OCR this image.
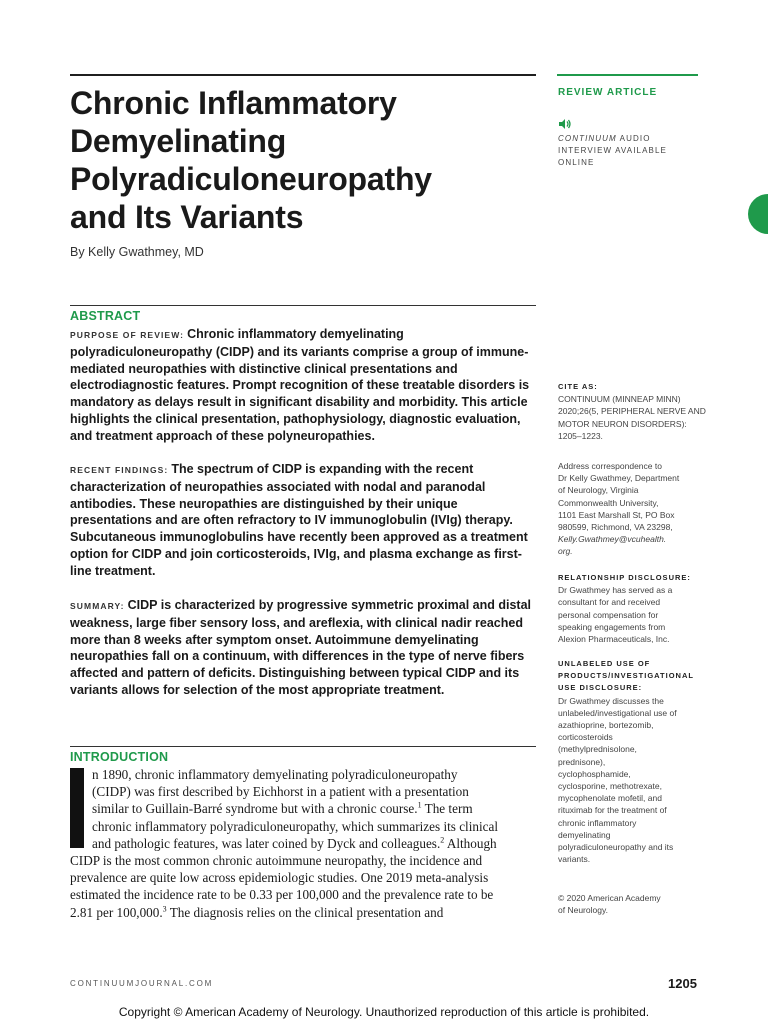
Chronic Inflammatory
Demyelinating
Polyradiculoneuropathy
and Its Variants
By Kelly Gwathmey, MD
REVIEW ARTICLE
CONTINUUM AUDIO
INTERVIEW AVAILABLE
ONLINE
ABSTRACT

PURPOSE OF REVIEW: Chronic inflammatory demyelinating polyradiculoneuropathy (CIDP) and its variants comprise a group of immune-mediated neuropathies with distinctive clinical presentations and electrodiagnostic features. Prompt recognition of these treatable disorders is mandatory as delays result in significant disability and morbidity. This article highlights the clinical presentation, pathophysiology, diagnostic evaluation, and treatment approach of these polyneuropathies.

RECENT FINDINGS: The spectrum of CIDP is expanding with the recent characterization of neuropathies associated with nodal and paranodal antibodies. These neuropathies are distinguished by their unique presentations and are often refractory to IV immunoglobulin (IVIg) therapy. Subcutaneous immunoglobulins have recently been approved as a treatment option for CIDP and join corticosteroids, IVIg, and plasma exchange as first-line treatment.

SUMMARY: CIDP is characterized by progressive symmetric proximal and distal weakness, large fiber sensory loss, and areflexia, with clinical nadir reached more than 8 weeks after symptom onset. Autoimmune demyelinating neuropathies fall on a continuum, with differences in the type of nerve fibers affected and pattern of deficits. Distinguishing between typical CIDP and its variants allows for selection of the most appropriate treatment.

INTRODUCTION

n 1890, chronic inflammatory demyelinating polyradiculoneuropathy
(CIDP) was first described by Eichhorst in a patient with a presentation
similar to Guillain-Barré syndrome but with a chronic course.$^1$ The term
chronic inflammatory polyradiculoneuropathy, which summarizes its clinical
and pathologic features, was later coined by Dyck and colleagues.$^2$ Although
CIDP is the most common chronic autoimmune neuropathy, the incidence and
prevalence are quite low across epidemiologic studies. One 2019 meta-analysis
estimated the incidence rate to be 0.33 per 100,000 and the prevalence rate to be
2.81 per 100,000.$^3$ The diagnosis relies on the clinical presentation and

CITE AS:
CONTINUUM (MINNEAP MINN)
2020;26(5, PERIPHERAL NERVE AND
MOTOR NEURON DISORDERS):
1205–1223.
Address correspondence to
Dr Kelly Gwathmey, Department
of Neurology, Virginia
Commonwealth University,
1101 East Marshall St, PO Box
980599, Richmond, VA 23298,
Kelly.Gwathmey@vcuhealth.
org.
RELATIONSHIP DISCLOSURE:
Dr Gwathmey has served as a
consultant for and received
personal compensation for
speaking engagements from
Alexion Pharmaceuticals, Inc.
UNLABELED USE OF
PRODUCTS/INVESTIGATIONAL
USE DISCLOSURE:
Dr Gwathmey discusses the
unlabeled/investigational use of
azathioprine, bortezomib,
corticosteroids
(methylprednisolone,
prednisone),
cyclophosphamide,
cyclosporine, methotrexate,
mycophenolate mofetil, and
rituximab for the treatment of
chronic inflammatory
demyelinating
polyradiculoneuropathy and its
variants.
© 2020 American Academy
of Neurology.
CONTINUUMJOURNAL.COM	1205
Copyright © American Academy of Neurology. Unauthorized reproduction of this article is prohibited.
